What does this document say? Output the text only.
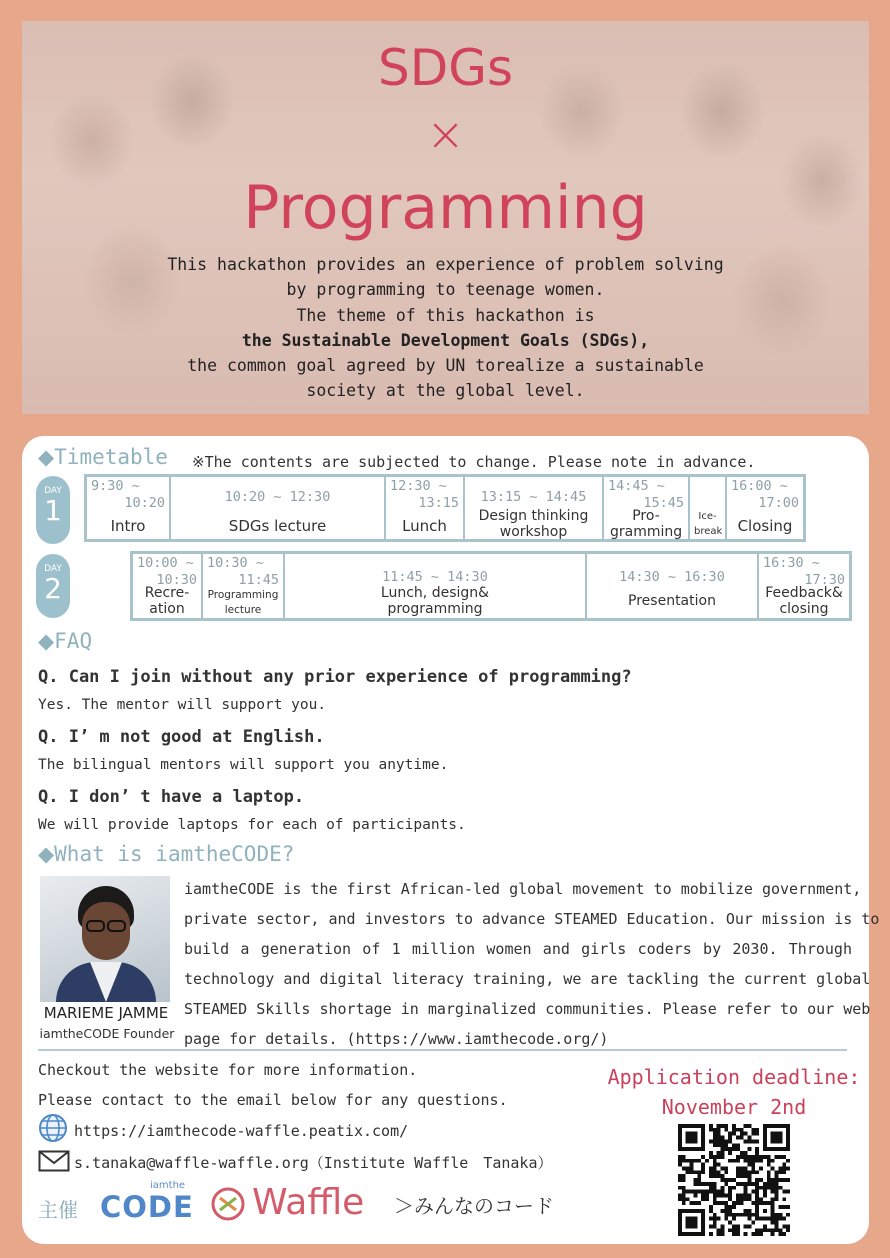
SDGs
×
Programming
This hackathon provides an experience of problem solving
by programming to teenage women.
The theme of this hackathon is
the Sustainable Development Goals (SDGs),
the common goal agreed by UN torealize a sustainable
society at the global level.
◆Timetable ※The contents are subjected to change. Please note in advance.
DAY
1
9:30 ~
10:20
Intro
10:20 ~ 12:30
SDGs lecture
12:30 ~
13:15
Lunch
13:15 ~ 14:45
Design thinking workshop
14:45 ~
15:45
Pro-gramming
Ice-break
16:00 ~
17:00
Closing
DAY
2
10:00 ~
10:30
Recre-ation
10:30 ~
11:45
Programming lecture
11:45 ~ 14:30
Lunch, design& programming
14:30 ~ 16:30
Presentation
16:30 ~
17:30
Feedback& closing
◆FAQ
Q. Can I join without any prior experience of programming?
Yes. The mentor will support you.
Q. I’ m not good at English.
The bilingual mentors will support you anytime.
Q. I don’ t have a laptop.
We will provide laptops for each of participants.
◆What is iamtheCODE?
MARIEME JAMME
iamtheCODE Founder
iamtheCODE is the first African-led global movement to mobilize government,
private sector, and investors to advance STEAMED Education. Our mission is to
build a generation of 1 million women and girls coders by 2030. Through
technology and digital literacy training, we are tackling the current global
STEAMED Skills shortage in marginalized communities. Please refer to our web
page for details. (https://www.iamthecode.org/)
Checkout the website for more information.
Please contact to the email below for any questions.
https://iamthecode-waffle.peatix.com/
s.tanaka@waffle-waffle.org（Institute Waffle　Tanaka）
Application deadline:
November 2nd
主催
iamthe
CODE Waffle ＞みんなのコード
